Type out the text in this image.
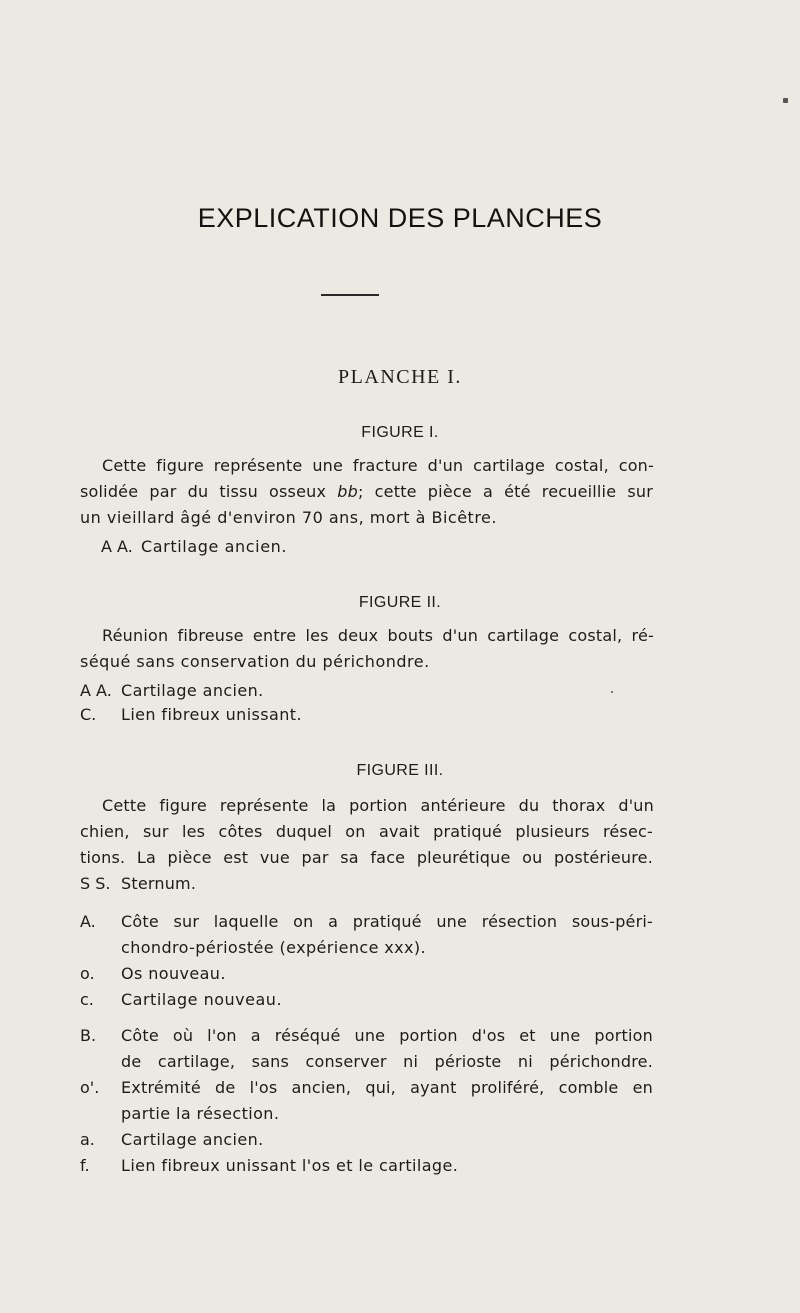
EXPLICATION DES PLANCHES
PLANCHE I.
FIGURE I.
Cette figure représente une fracture d'un cartilage costal, con-
solidée par du tissu osseux bb; cette pièce a été recueillie sur
un vieillard âgé d'environ 70 ans, mort à Bicêtre.
A A. Cartilage ancien.
FIGURE II.
Réunion fibreuse entre les deux bouts d'un cartilage costal, ré-
séqué sans conservation du périchondre.
A A. Cartilage ancien.
C. Lien fibreux unissant.
FIGURE III.
Cette figure représente la portion antérieure du thorax d'un
chien, sur les côtes duquel on avait pratiqué plusieurs résec-
tions. La pièce est vue par sa face pleurétique ou postérieure.
S S. Sternum.
A. Côte sur laquelle on a pratiqué une résection sous-péri-
chondro-périostée (expérience xxx).
o. Os nouveau.
c. Cartilage nouveau.
B. Côte où l'on a réséqué une portion d'os et une portion
de cartilage, sans conserver ni périoste ni périchondre.
o'. Extrémité de l'os ancien, qui, ayant proliféré, comble en
partie la résection.
a. Cartilage ancien.
f. Lien fibreux unissant l'os et le cartilage.
